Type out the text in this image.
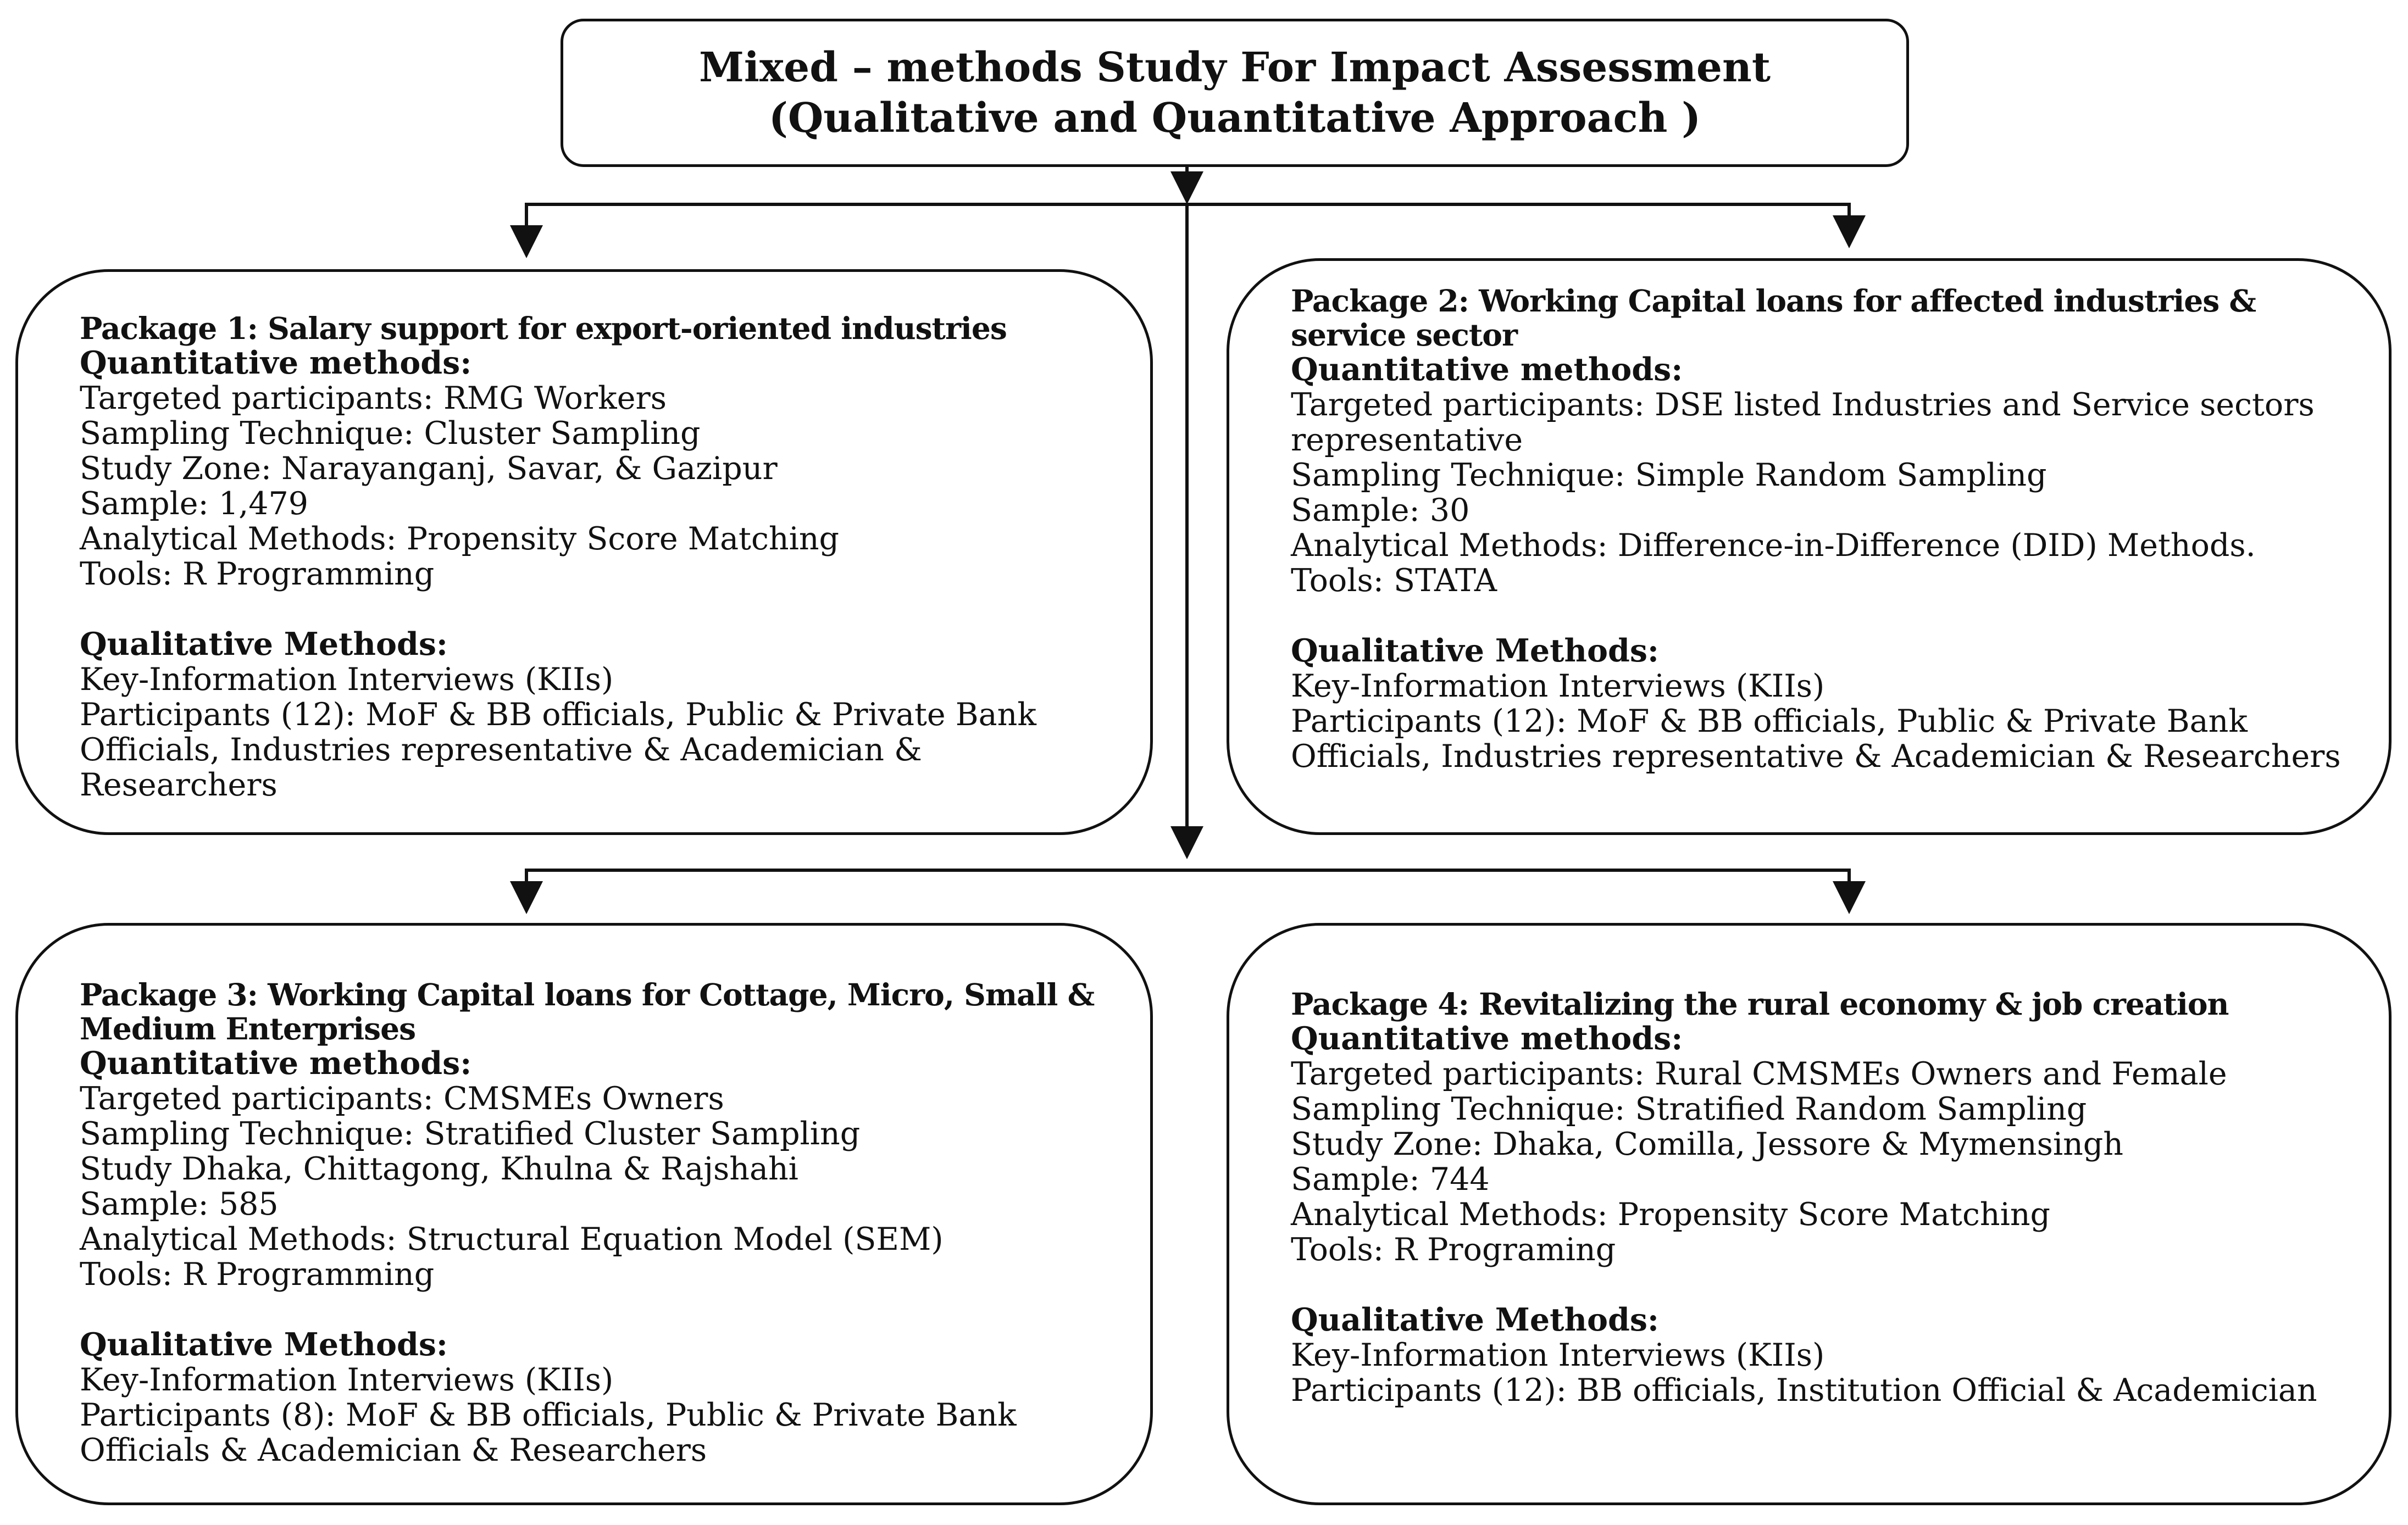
Mixed – methods Study For Impact Assessment
(Qualitative and Quantitative Approach )
Package 1: Salary support for export-oriented industries
Quantitative methods:
Targeted participants: RMG Workers
Sampling Technique: Cluster Sampling
Study Zone: Narayanganj, Savar, & Gazipur
Sample: 1,479
Analytical Methods: Propensity Score Matching
Tools: R Programming
Qualitative Methods:
Key-Information Interviews (KIIs)
Participants (12): MoF & BB officials, Public & Private Bank Officials, Industries representative & Academician & Researchers
Package 2: Working Capital loans for affected industries & service sector
Quantitative methods:
Targeted participants: DSE listed Industries and Service sectors representative
Sampling Technique: Simple Random Sampling
Sample: 30
Analytical Methods: Difference-in-Difference (DID) Methods.
Tools: STATA
Qualitative Methods:
Key-Information Interviews (KIIs)
Participants (12): MoF & BB officials, Public & Private Bank Officials, Industries representative & Academician & Researchers
Package 3: Working Capital loans for Cottage, Micro, Small & Medium Enterprises
Quantitative methods:
Targeted participants: CMSMEs Owners
Sampling Technique: Stratified Cluster Sampling
Study Dhaka, Chittagong, Khulna & Rajshahi
Sample: 585
Analytical Methods: Structural Equation Model (SEM)
Tools: R Programming
Qualitative Methods:
Key-Information Interviews (KIIs)
Participants (8): MoF & BB officials, Public & Private Bank Officials & Academician & Researchers
Package 4: Revitalizing the rural economy & job creation
Quantitative methods:
Targeted participants: Rural CMSMEs Owners and Female
Sampling Technique: Stratified Random Sampling
Study Zone: Dhaka, Comilla, Jessore & Mymensingh
Sample: 744
Analytical Methods: Propensity Score Matching
Tools: R Programing
Qualitative Methods:
Key-Information Interviews (KIIs)
Participants (12): BB officials, Institution Official & Academician
